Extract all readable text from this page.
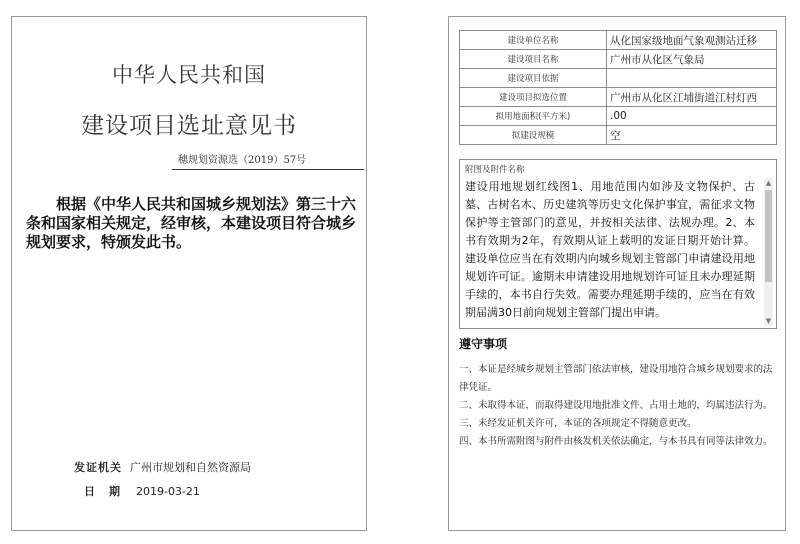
中华人民共和国
建设项目选址意见书
穗规划资源选（2019）57号
根据《中华人民共和国城乡规划法》第三十六条和国家相关规定，经审核，本建设项目符合城乡规划要求，特颁发此书。
发证机关 广州市规划和自然资源局
日期 2019-03-21
建设单位名称	从化国家级地面气象观测站迁移
建设项目名称	广州市从化区气象局
建设项目依据	
建设项目拟选位置	广州市从化区江埔街道江村灯西
拟用地面积(平方米)	.00
拟建设规模	空
附图及附件名称
建设用地规划红线图1、用地范围内如涉及文物保护、古墓、古树名木、历史建筑等历史文化保护事宜，需征求文物保护等主管部门的意见，并按相关法律、法规办理。2、本书有效期为2年，有效期从证上载明的发证日期开始计算。建设单位应当在有效期内向城乡规划主管部门申请建设用地规划许可证。逾期未申请建设用地规划许可证且未办理延期手续的，本书自行失效。需要办理延期手续的，应当在有效期届满30日前向规划主管部门提出申请。
▲
▼
遵守事项

一、本证是经城乡规划主管部门依法审核，建设用地符合城乡规划要求的法律凭证。

二、未取得本证，而取得建设用地批准文件、占用土地的，均属违法行为。

三、未经发证机关许可，本证的各项规定不得随意更改。

四、本书所需附图与附件由核发机关依法确定，与本书具有同等法律效力。
